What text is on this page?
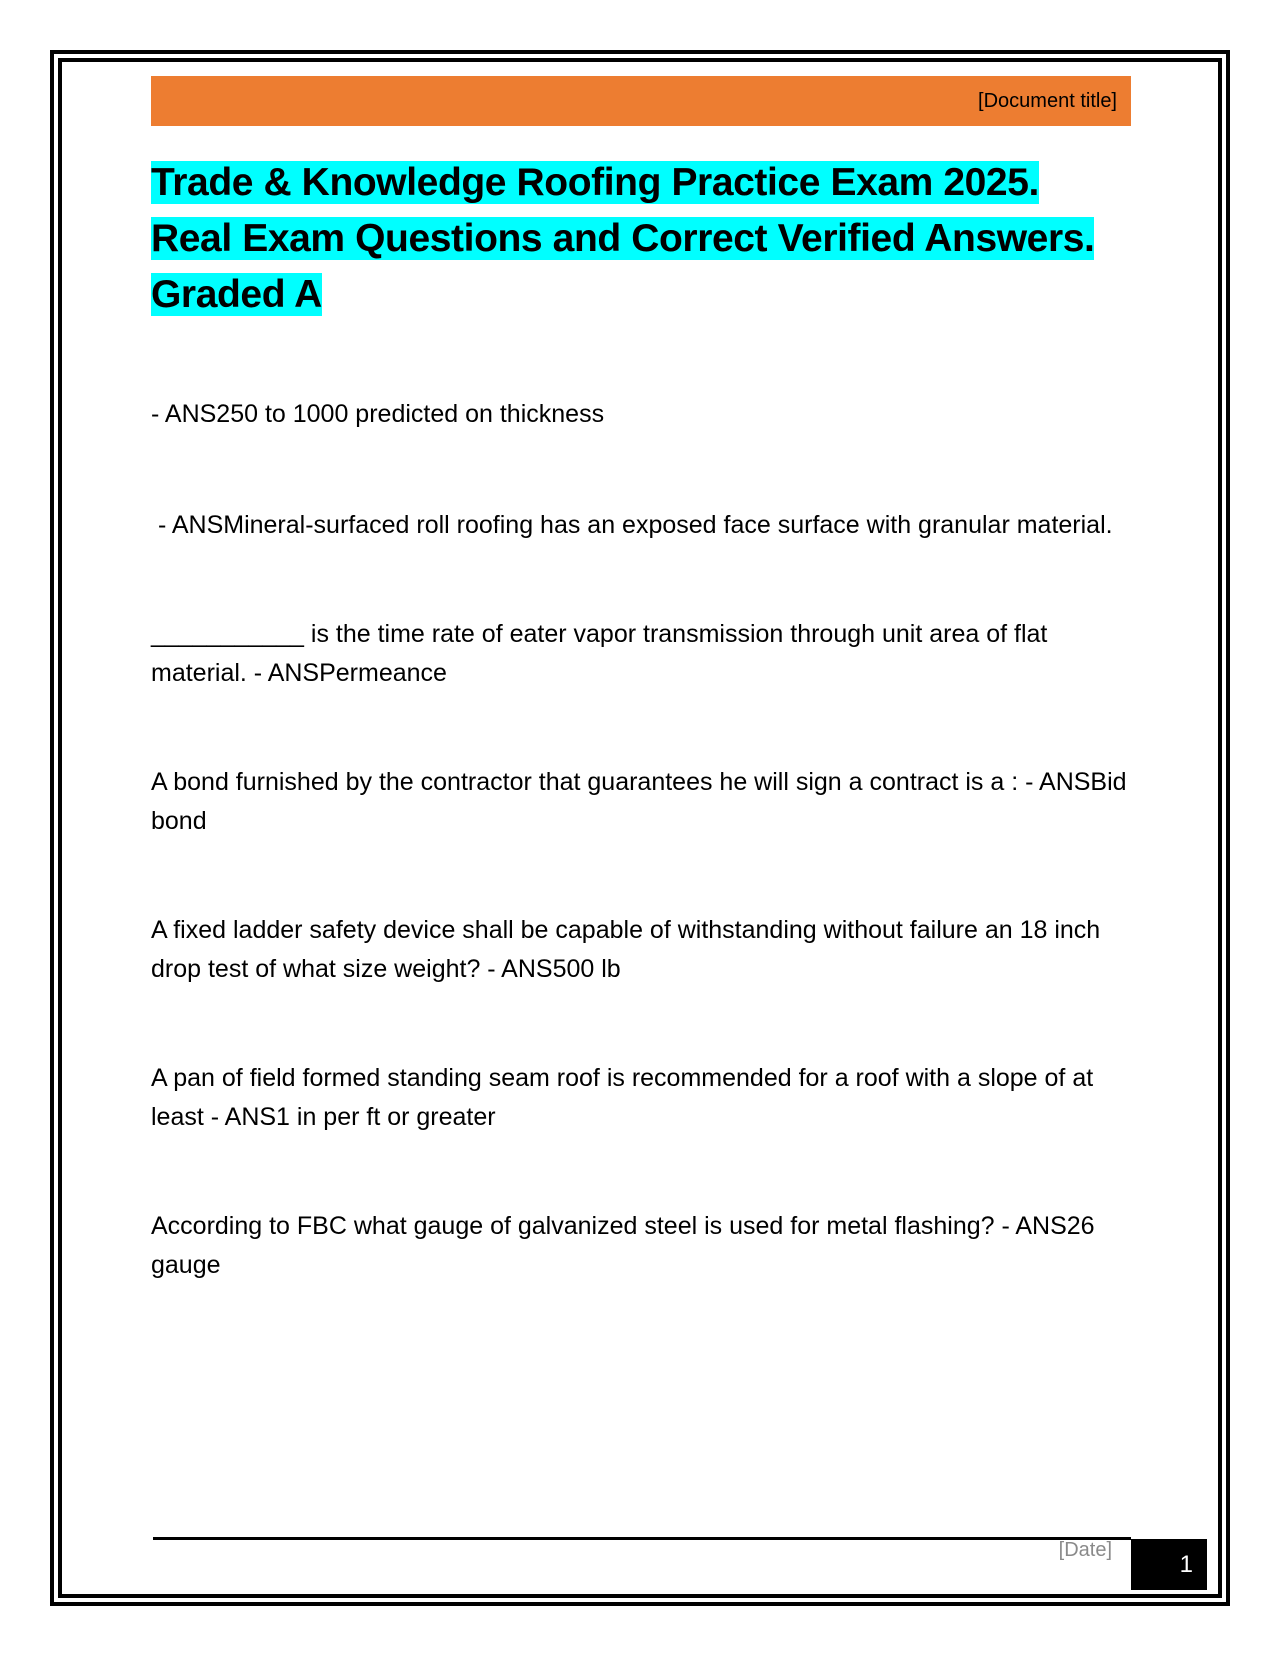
[Document title]
Trade & Knowledge Roofing Practice Exam 2025.
Real Exam Questions and Correct Verified Answers.
Graded A
- ANS250 to 1000 predicted on thickness
- ANSMineral-surfaced roll roofing has an exposed face surface with granular material.
___________ is the time rate of eater vapor transmission through unit area of flat material. - ANSPermeance
A bond furnished by the contractor that guarantees he will sign a contract is a : - ANSBid bond
A fixed ladder safety device shall be capable of withstanding without failure an 18 inch drop test of what size weight? - ANS500 lb
A pan of field formed standing seam roof is recommended for a roof with a slope of at least - ANS1 in per ft or greater
According to FBC what gauge of galvanized steel is used for metal flashing? - ANS26 gauge
[Date]
1
